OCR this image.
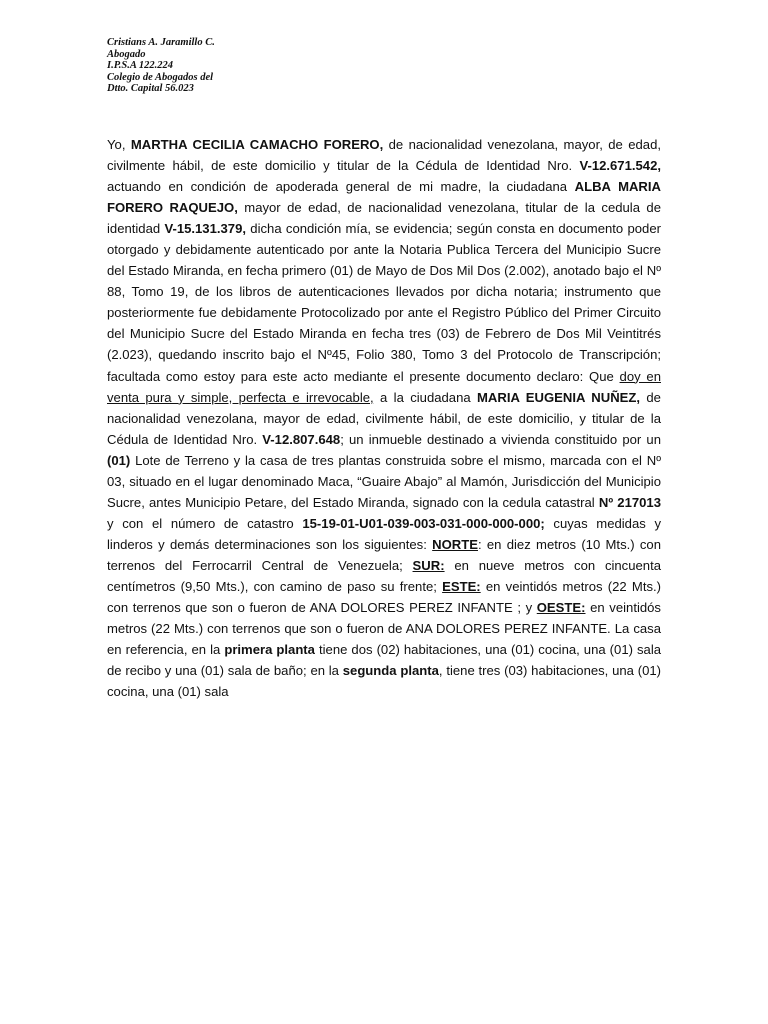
Cristians A. Jaramillo C.
Abogado
I.P.S.A 122.224
Colegio de Abogados del
Dtto. Capital 56.023
Yo, MARTHA CECILIA CAMACHO FORERO, de nacionalidad venezolana, mayor, de edad, civilmente hábil, de este domicilio y titular de la Cédula de Identidad Nro. V-12.671.542, actuando en condición de apoderada general de mi madre, la ciudadana ALBA MARIA FORERO RAQUEJO, mayor de edad, de nacionalidad venezolana, titular de la cedula de identidad V-15.131.379, dicha condición mía, se evidencia; según consta en documento poder otorgado y debidamente autenticado por ante la Notaria Publica Tercera del Municipio Sucre del Estado Miranda, en fecha primero (01) de Mayo de Dos Mil Dos (2.002), anotado bajo el Nº 88, Tomo 19, de los libros de autenticaciones llevados por dicha notaria; instrumento que posteriormente fue debidamente Protocolizado por ante el Registro Público del Primer Circuito del Municipio Sucre del Estado Miranda en fecha tres (03) de Febrero de Dos Mil Veintitrés (2.023), quedando inscrito bajo el Nº45, Folio 380, Tomo 3 del Protocolo de Transcripción; facultada como estoy para este acto mediante el presente documento declaro: Que doy en venta pura y simple, perfecta e irrevocable, a la ciudadana MARIA EUGENIA NUÑEZ, de nacionalidad venezolana, mayor de edad, civilmente hábil, de este domicilio, y titular de la Cédula de Identidad Nro. V-12.807.648; un inmueble destinado a vivienda constituido por un (01) Lote de Terreno y la casa de tres plantas construida sobre el mismo, marcada con el Nº 03, situado en el lugar denominado Maca, “Guaire Abajo” al Mamón, Jurisdicción del Municipio Sucre, antes Municipio Petare, del Estado Miranda, signado con la cedula catastral Nº 217013 y con el número de catastro 15-19-01-U01-039-003-031-000-000-000; cuyas medidas y linderos y demás determinaciones son los siguientes: NORTE: en diez metros (10 Mts.) con terrenos del Ferrocarril Central de Venezuela; SUR: en nueve metros con cincuenta centímetros (9,50 Mts.), con camino de paso su frente; ESTE: en veintidós metros (22 Mts.) con terrenos que son o fueron de ANA DOLORES PEREZ INFANTE ; y OESTE: en veintidós metros (22 Mts.) con terrenos que son o fueron de ANA DOLORES PEREZ INFANTE. La casa en referencia, en la primera planta tiene dos (02) habitaciones, una (01) cocina, una (01) sala de recibo y una (01) sala de baño; en la segunda planta, tiene tres (03) habitaciones, una (01) cocina, una (01) sala
